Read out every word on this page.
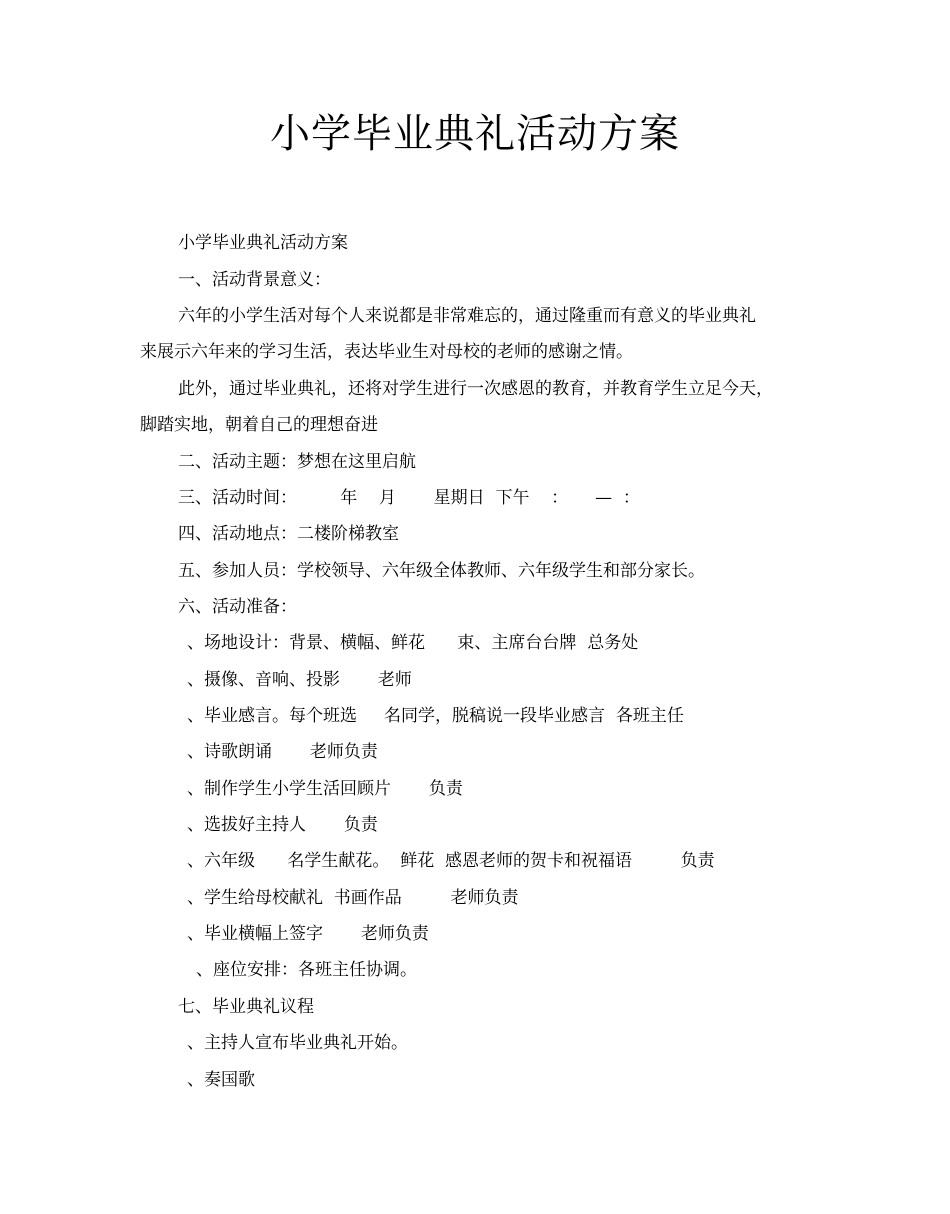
小学毕业典礼活动方案

小学毕业典礼活动方案

一、活动背景意义：

六年的小学生活对每个人来说都是非常难忘的，通过隆重而有意义的毕业典礼

来展示六年来的学习生活，表达毕业生对母校的老师的感谢之情。

此外，通过毕业典礼，还将对学生进行一次感恩的教育，并教育学生立足今天，

脚踏实地，朝着自己的理想奋进

二、活动主题：梦想在这里启航

三、活动时间：        年    月       星期日  下午    ：     —  ：

四、活动地点：二楼阶梯教室

五、参加人员：学校领导、六年级全体教师、六年级学生和部分家长。

六、活动准备：

、场地设计：背景、横幅、鲜花      束、主席台台牌  总务处

、摄像、音响、投影       老师

、毕业感言。每个班选     名同学，脱稿说一段毕业感言  各班主任

、诗歌朗诵       老师负责

、制作学生小学生活回顾片       负责

、选拔好主持人       负责

、六年级      名学生献花。  鲜花  感恩老师的贺卡和祝福语         负责

、学生给母校献礼  书画作品         老师负责

、毕业横幅上签字       老师负责

、座位安排：各班主任协调。

七、毕业典礼议程

、主持人宣布毕业典礼开始。

、奏国歌
